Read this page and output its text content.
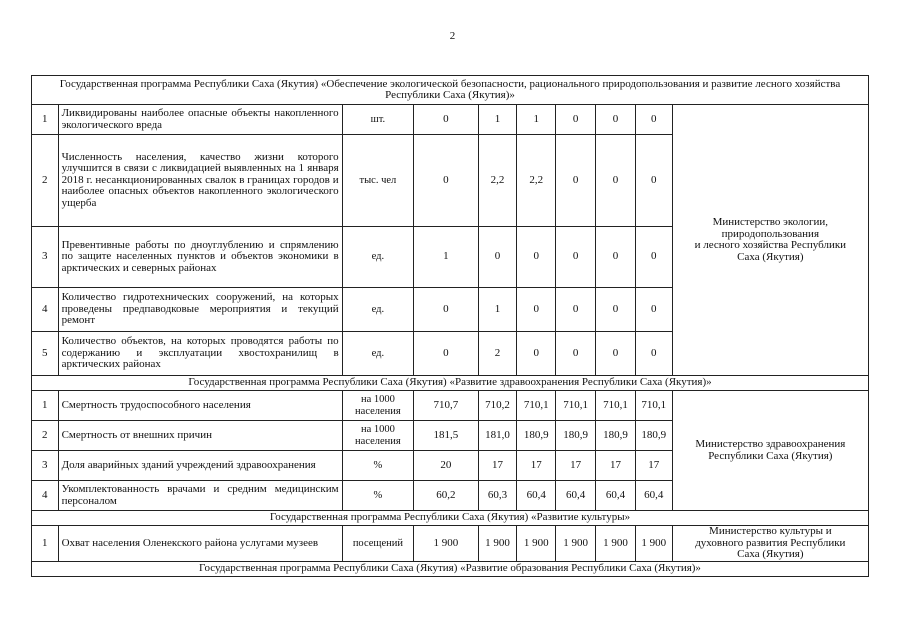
2
Государственная программа Республики Саха (Якутия) «Обеспечение экологической безопасности, рационального природопользования и развитие лесного хозяйства Республики Саха (Якутия)»									
1	Ликвидированы наиболее опасные объекты накопленного экологического вреда	шт.	0	1	1	0	0	0	Министерство экологии,
природопользования
и лесного хозяйства Республики
Саха (Якутия)
2	Численность населения, качество жизни которого улучшится в связи с ликвидацией выявленных на 1 января 2018 г. несанкционированных свалок в границах городов и наиболее опасных объектов накопленного экологического ущерба	тыс. чел	0	2,2	2,2	0	0	0	
3	Превентивные работы по дноуглублению и спрямлению по защите населенных пунктов и объектов экономики в арктических и северных районах	ед.	1	0	0	0	0	0	
4	Количество гидротехнических сооружений, на которых проведены предпаводковые мероприятия и текущий ремонт	ед.	0	1	0	0	0	0	
5	Количество объектов, на которых проводятся работы по содержанию и эксплуатации хвостохранилищ в арктических районах	ед.	0	2	0	0	0	0	
Государственная программа Республики Саха (Якутия) «Развитие здравоохранения Республики Саха (Якутия)»									
1	Смертность трудоспособного населения	на 1000 населения	710,7	710,2	710,1	710,1	710,1	710,1	Министерство здравоохранения
Республики Саха (Якутия)
2	Смертность от внешних причин	на 1000 населения	181,5	181,0	180,9	180,9	180,9	180,9	
3	Доля аварийных зданий учреждений здравоохранения	%	20	17	17	17	17	17	
4	Укомплектованность врачами и средним медицинским персоналом	%	60,2	60,3	60,4	60,4	60,4	60,4	
Государственная программа Республики Саха (Якутия) «Развитие культуры»									
1	Охват населения Оленекского района услугами музеев	посещений	1 900	1 900	1 900	1 900	1 900	1 900	Министерство культуры и
духовного развития Республики
Саха (Якутия)
Государственная программа Республики Саха (Якутия) «Развитие образования Республики Саха (Якутия)»									
